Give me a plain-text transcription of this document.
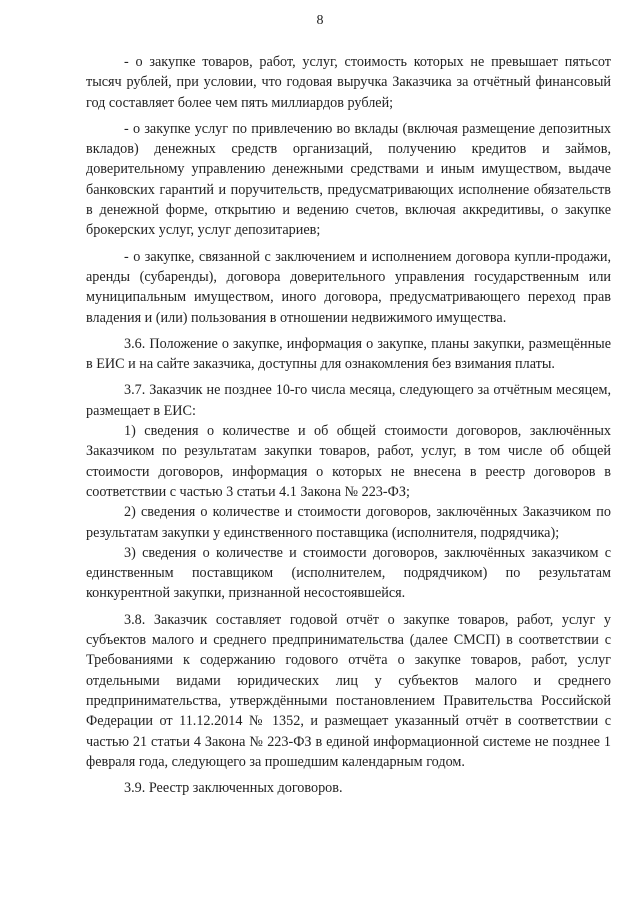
8

- о закупке товаров, работ, услуг, стоимость которых не превышает пятьсот тысяч рублей, при условии, что годовая выручка Заказчика за отчётный финансовый год составляет более чем пять миллиардов рублей;

- о закупке услуг по привлечению во вклады (включая размещение депозитных вкладов) денежных средств организаций, получению кредитов и займов, доверительному управлению денежными средствами и иным имуществом, выдаче банковских гарантий и поручительств, предусматривающих исполнение обязательств в денежной форме, открытию и ведению счетов, включая аккредитивы, о закупке брокерских услуг, услуг депозитариев;

- о закупке, связанной с заключением и исполнением договора купли-продажи, аренды (субаренды), договора доверительного управления государственным или муниципальным имуществом, иного договора, предусматривающего переход прав владения и (или) пользования в отношении недвижимого имущества.

3.6. Положение о закупке, информация о закупке, планы закупки, размещённые в ЕИС и на сайте заказчика, доступны для ознакомления без взимания платы.

3.7. Заказчик не позднее 10-го числа месяца, следующего за отчётным месяцем, размещает в ЕИС:

1) сведения о количестве и об общей стоимости договоров, заключённых Заказчиком по результатам закупки товаров, работ, услуг, в том числе об общей стоимости договоров, информация о которых не внесена в реестр договоров в соответствии с частью 3 статьи 4.1 Закона № 223-ФЗ;

2) сведения о количестве и стоимости договоров, заключённых Заказчиком по результатам закупки у единственного поставщика (исполнителя, подрядчика);

3) сведения о количестве и стоимости договоров, заключённых заказчиком с единственным поставщиком (исполнителем, подрядчиком) по результатам конкурентной закупки, признанной несостоявшейся.

3.8. Заказчик составляет годовой отчёт о закупке товаров, работ, услуг у субъектов малого и среднего предпринимательства (далее СМСП) в соответствии с Требованиями к содержанию годового отчёта о закупке товаров, работ, услуг отдельными видами юридических лиц у субъектов малого и среднего предпринимательства, утверждёнными постановлением Правительства Российской Федерации от 11.12.2014 № 1352, и размещает указанный отчёт в соответствии с частью 21 статьи 4 Закона № 223-ФЗ в единой информационной системе не позднее 1 февраля года, следующего за прошедшим календарным годом.

3.9. Реестр заключенных договоров.
